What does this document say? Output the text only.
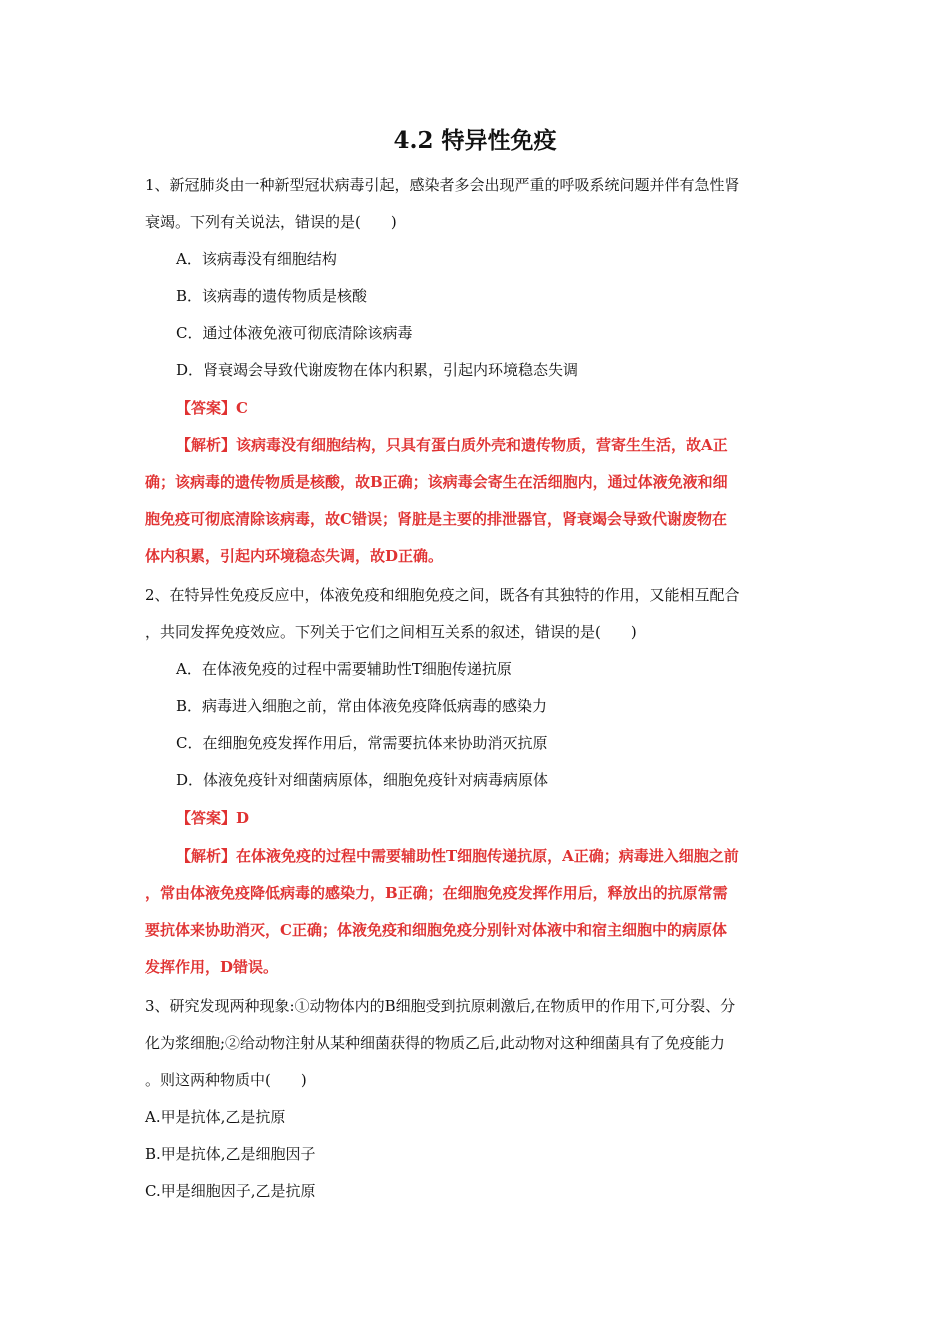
4.2 特异性免疫
1、新冠肺炎由一种新型冠状病毒引起，感染者多会出现严重的呼吸系统问题并伴有急性肾
衰竭。下列有关说法，错误的是(　　)
A．该病毒没有细胞结构
B．该病毒的遗传物质是核酸
C．通过体液免液可彻底清除该病毒
D．肾衰竭会导致代谢废物在体内积累，引起内环境稳态失调
【答案】C
【解析】该病毒没有细胞结构，只具有蛋白质外壳和遗传物质，营寄生生活，故A正
确；该病毒的遗传物质是核酸，故B正确；该病毒会寄生在活细胞内，通过体液免液和细
胞免疫可彻底清除该病毒，故C错误；肾脏是主要的排泄器官，肾衰竭会导致代谢废物在
体内积累，引起内环境稳态失调，故D正确。
2、在特异性免疫反应中，体液免疫和细胞免疫之间，既各有其独特的作用，又能相互配合
，共同发挥免疫效应。下列关于它们之间相互关系的叙述，错误的是(　　)
A．在体液免疫的过程中需要辅助性T细胞传递抗原
B．病毒进入细胞之前，常由体液免疫降低病毒的感染力
C．在细胞免疫发挥作用后，常需要抗体来协助消灭抗原
D．体液免疫针对细菌病原体，细胞免疫针对病毒病原体
【答案】D
【解析】在体液免疫的过程中需要辅助性T细胞传递抗原，A正确；病毒进入细胞之前
，常由体液免疫降低病毒的感染力，B正确；在细胞免疫发挥作用后，释放出的抗原常需
要抗体来协助消灭，C正确；体液免疫和细胞免疫分别针对体液中和宿主细胞中的病原体
发挥作用，D错误。
3、研究发现两种现象:①动物体内的B细胞受到抗原刺激后,在物质甲的作用下,可分裂、分
化为浆细胞;②给动物注射从某种细菌获得的物质乙后,此动物对这种细菌具有了免疫能力
。则这两种物质中(　　)
A.甲是抗体,乙是抗原
B.甲是抗体,乙是细胞因子
C.甲是细胞因子,乙是抗原
